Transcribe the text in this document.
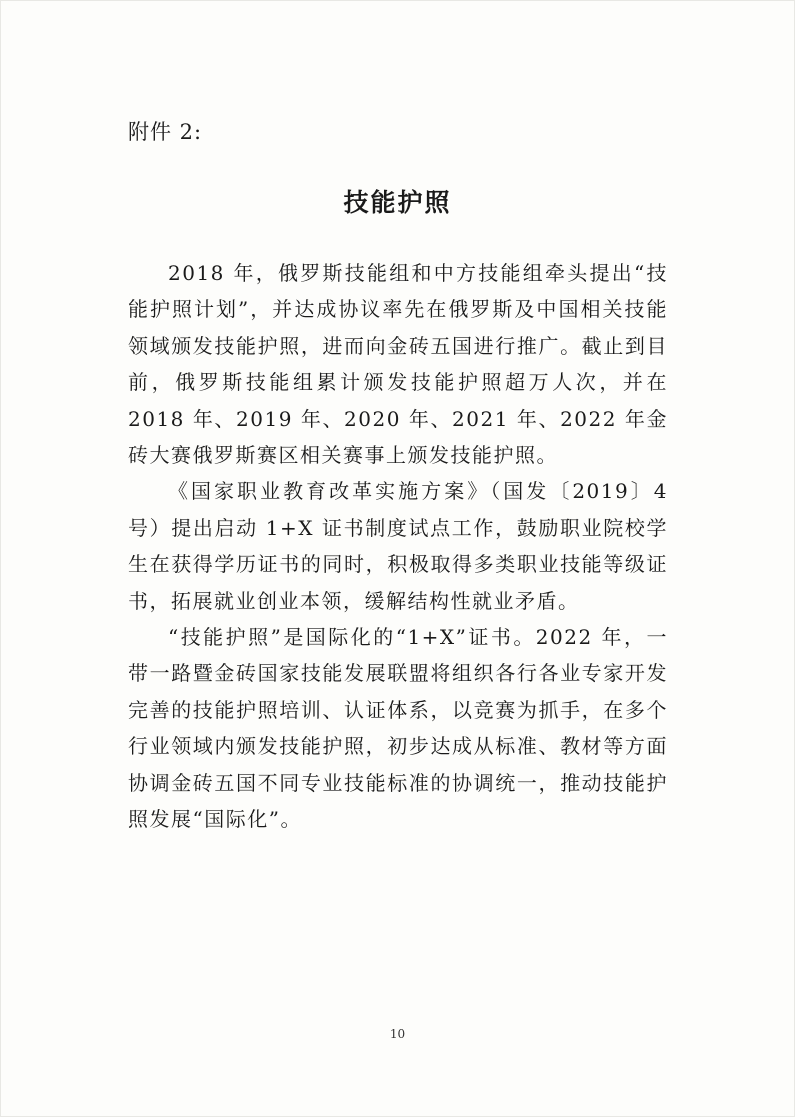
附件 2:
技能护照

2018 年，俄罗斯技能组和中方技能组牵头提出“技能护照计划”，并达成协议率先在俄罗斯及中国相关技能领域颁发技能护照，进而向金砖五国进行推广。截止到目前，俄罗斯技能组累计颁发技能护照超万人次，并在 2018 年、2019 年、2020 年、2021 年、2022 年金砖大赛俄罗斯赛区相关赛事上颁发技能护照。

《国家职业教育改革实施方案》（国发〔2019〕4 号）提出启动 1+X 证书制度试点工作，鼓励职业院校学生在获得学历证书的同时，积极取得多类职业技能等级证书，拓展就业创业本领，缓解结构性就业矛盾。

“技能护照”是国际化的“1+X”证书。2022 年，一带一路暨金砖国家技能发展联盟将组织各行各业专家开发完善的技能护照培训、认证体系，以竞赛为抓手，在多个行业领域内颁发技能护照，初步达成从标准、教材等方面协调金砖五国不同专业技能标准的协调统一，推动技能护照发展“国际化”。

10
